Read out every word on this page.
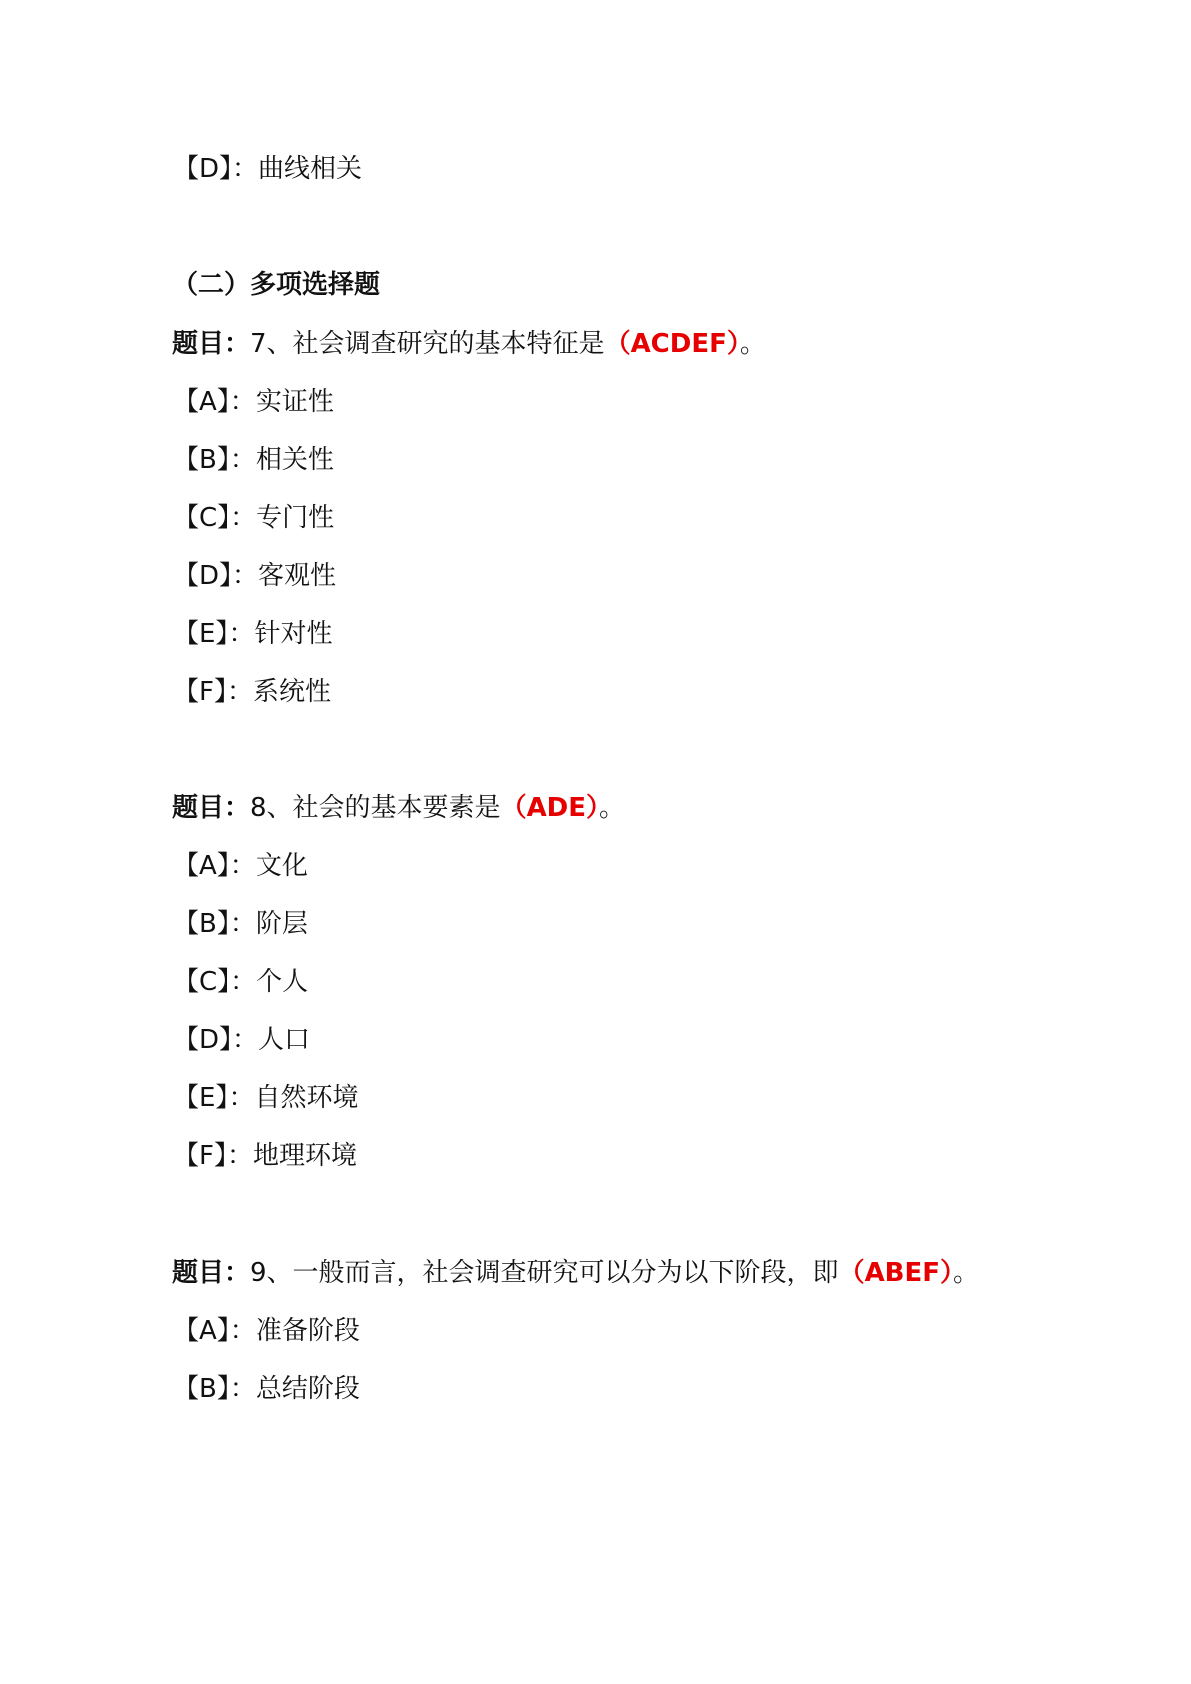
【D】：曲线相关
（二）多项选择题
题目：7、社会调查研究的基本特征是（ACDEF）。
【A】：实证性
【B】：相关性
【C】：专门性
【D】：客观性
【E】：针对性
【F】：系统性
题目：8、社会的基本要素是（ADE）。
【A】：文化
【B】：阶层
【C】：个人
【D】：人口
【E】：自然环境
【F】：地理环境
题目：9、一般而言，社会调查研究可以分为以下阶段，即（ABEF）。
【A】：准备阶段
【B】：总结阶段
